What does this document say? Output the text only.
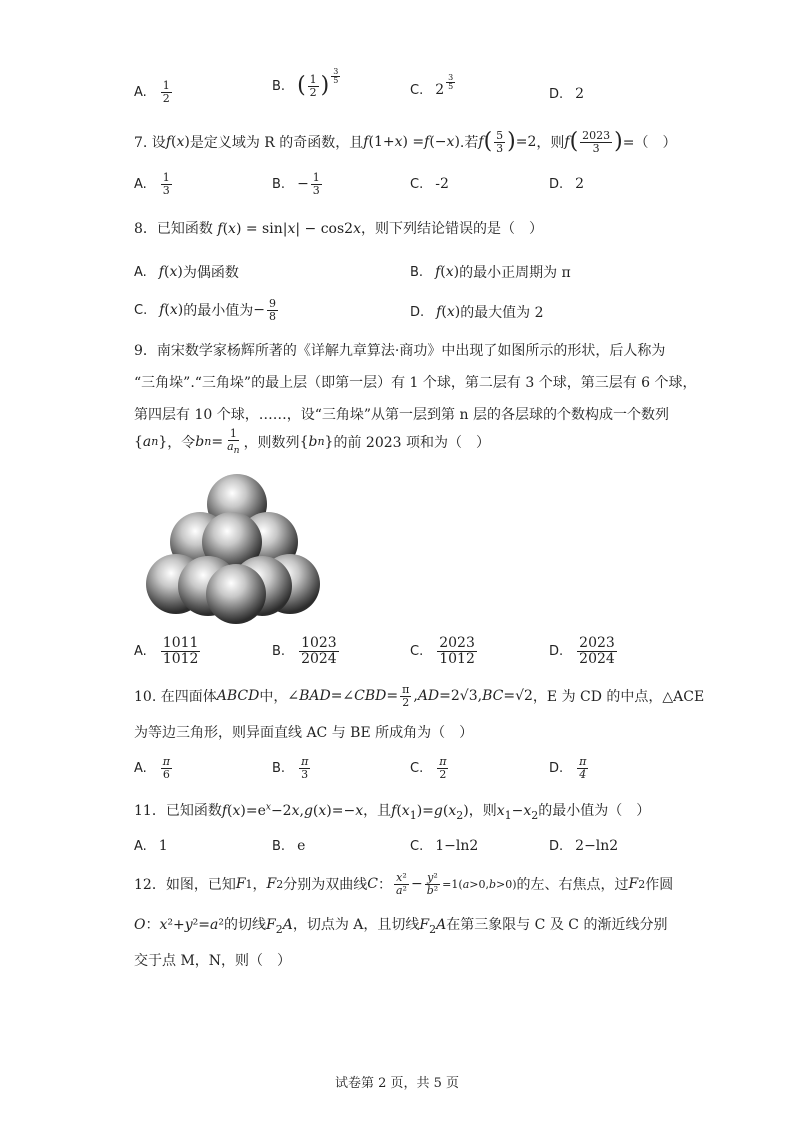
A. $\frac{1}{2}$	B. ( $\frac{1}{2}$ ) $\frac{3}{5}$
C. $2 \frac{3}{5}$
D. 2
7. 设 f ( x ) 是定义域为 R 的奇函数，且 f (1+ x ) = f (− x ) .若 f ( $\frac{5}{3}$ ) =2 ，则 f ( $\frac{2023}{3}$ ) =（　）
A. $\frac{1}{3}$	B. − $\frac{1}{3}$	C. -2	D. 2
8．已知函数 f(x) = sin|x| − cos2x，则下列结论错误的是（　）
A. f ( x ) 为偶函数	B. f ( x ) 的最小正周期为 π
C. f ( x ) 的最小值为 − $\frac{9}{8}$	D. f ( x ) 的最大值为 2
9．南宋数学家杨辉所著的《详解九章算法·商功》中出现了如图所示的形状，后人称为
“三角垛”.“三角垛”的最上层（即第一层）有 1 个球，第二层有 3 个球，第三层有 6 个球，
第四层有 10 个球，……，设“三角垛”从第一层到第 n 层的各层球的个数构成一个数列
{ a n } ，令 b $n = \frac{1}{a_n}$ ，则数列 { b n } 的前 2023 项和为（　）
A. $\frac{1011}{1012}$	B. $\frac{1023}{2024}$	C. $\frac{2023}{1012}$	D. $\frac{2023}{2024}$
10. 在四面体 ABCD 中， ∠ BAD =∠ CBD = $\frac{\pi}{2}$ , AD =2√3, BC =√2 ，E 为 CD 的中点，△ACE
为等边三角形，则异面直线 AC 与 BE 所成角为（　）
A. $\frac{\pi}{6}$	B. $\frac{\pi}{3}$	C. $\frac{\pi}{2}$	D. $\frac{\pi}{4}$
11．已知函数$f(x)=e^x-2x,g(x)=-x$，且$f(x_1)=g(x_2)$，则$x_1-x_2$的最小值为（　）
A. 1	B. e	C. 1−ln2	D. 2−ln2
12．如图，已知 F 1 ， F 2 分别为双曲线 C ： $\frac{\text{x²}}{\text{a²}} - \frac{\text{y²}}{\text{b²}} =1(a>0,b>0)$ 的左、右焦点，过 F 2 作圆
O：x²+y²=a²的切线$F_2A$，切点为 A，且切线$F_2A$在第三象限与 C 及 C 的渐近线分别
交于点 M，N，则（　）
试卷第 2 页，共 5 页
